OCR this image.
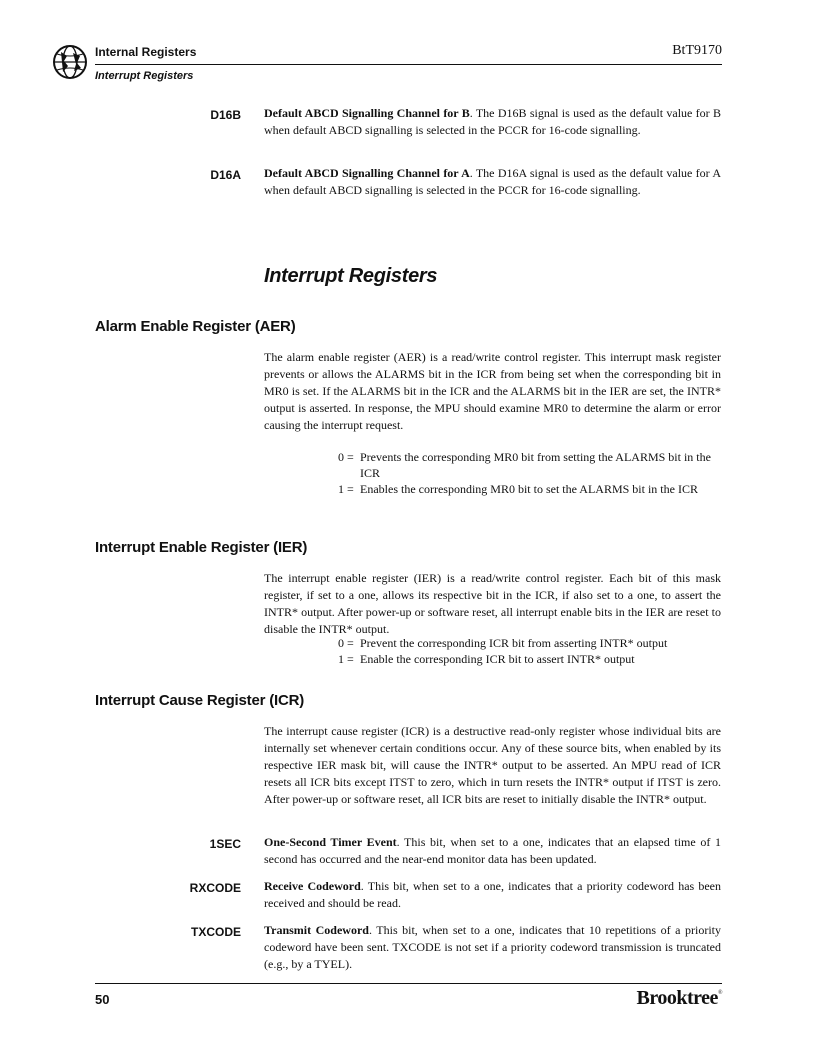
Internal Registers	BtT9170
Interrupt Registers
D16B Default ABCD Signalling Channel for B. The D16B signal is used as the default value for B when default ABCD signalling is selected in the PCCR for 16-code signalling.
D16A Default ABCD Signalling Channel for A. The D16A signal is used as the default value for A when default ABCD signalling is selected in the PCCR for 16-code signalling.
Interrupt Registers
Alarm Enable Register (AER)
The alarm enable register (AER) is a read/write control register. This interrupt mask register prevents or allows the ALARMS bit in the ICR from being set when the corresponding bit in MR0 is set. If the ALARMS bit in the ICR and the ALARMS bit in the IER are set, the INTR* output is asserted. In response, the MPU should examine MR0 to determine the alarm or error causing the interrupt request.
0 = Prevents the corresponding MR0 bit from setting the ALARMS bit in the ICR
1 = Enables the corresponding MR0 bit to set the ALARMS bit in the ICR
Interrupt Enable Register (IER)
The interrupt enable register (IER) is a read/write control register. Each bit of this mask register, if set to a one, allows its respective bit in the ICR, if also set to a one, to assert the INTR* output. After power-up or software reset, all interrupt enable bits in the IER are reset to disable the INTR* output.
0 = Prevent the corresponding ICR bit from asserting INTR* output
1 = Enable the corresponding ICR bit to assert INTR* output
Interrupt Cause Register (ICR)
The interrupt cause register (ICR) is a destructive read-only register whose individual bits are internally set whenever certain conditions occur. Any of these source bits, when enabled by its respective IER mask bit, will cause the INTR* output to be asserted. An MPU read of ICR resets all ICR bits except ITST to zero, which in turn resets the INTR* output if ITST is zero. After power-up or software reset, all ICR bits are reset to initially disable the INTR* output.
1SEC One-Second Timer Event. This bit, when set to a one, indicates that an elapsed time of 1 second has occurred and the near-end monitor data has been updated.
RXCODE Receive Codeword. This bit, when set to a one, indicates that a priority codeword has been received and should be read.
TXCODE Transmit Codeword. This bit, when set to a one, indicates that 10 repetitions of a priority codeword have been sent. TXCODE is not set if a priority codeword transmission is truncated (e.g., by a TYEL).
50	Brooktree®
